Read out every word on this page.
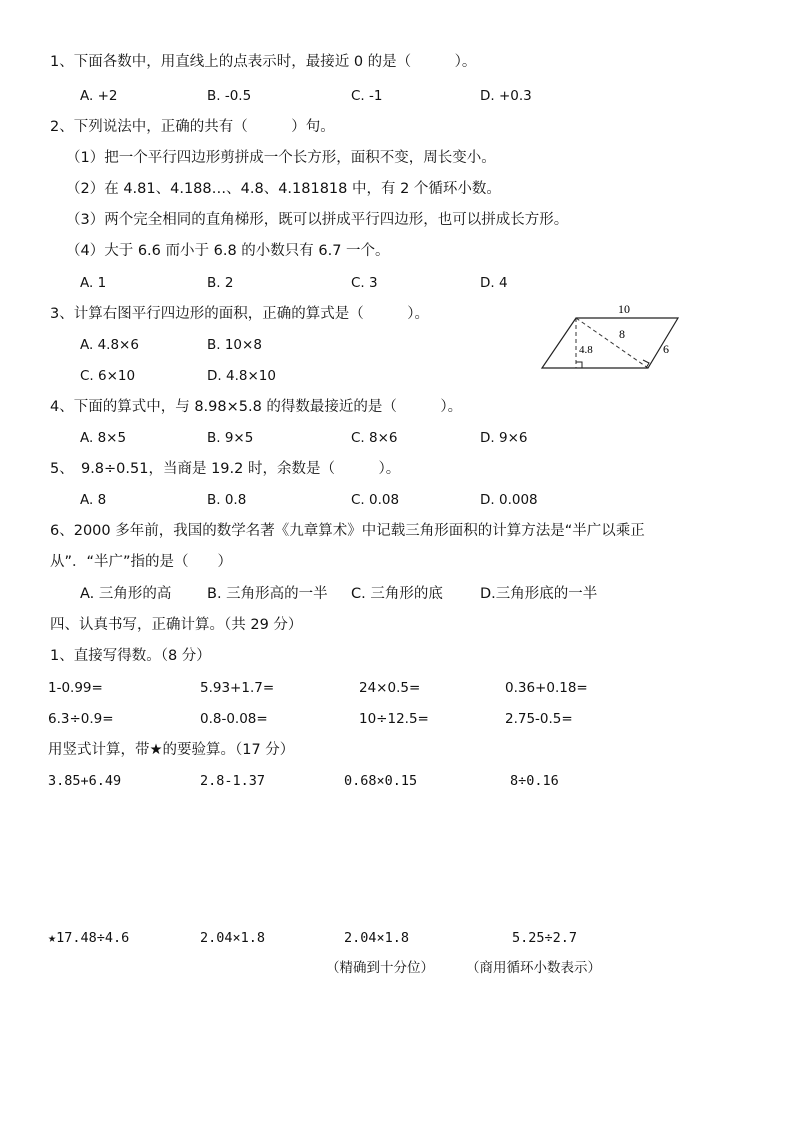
1、下面各数中，用直线上的点表示时，最接近 0 的是（　　　）。
A. +2	B. -0.5	C. -1	D. +0.3
2、下列说法中，正确的共有（　　　）句。
（1）把一个平行四边形剪拼成一个长方形，面积不变，周长变小。
（2）在 4.81、4.188…、4.8、4.181818 中，有 2 个循环小数。
（3）两个完全相同的直角梯形，既可以拼成平行四边形，也可以拼成长方形。
（4）大于 6.6 而小于 6.8 的小数只有 6.7 一个。
A. 1	B. 2	C. 3	D. 4
3、计算右图平行四边形的面积，正确的算式是（　　　）。
A. 4.8×6	B. 10×8
C. 6×10	D. 4.8×10
10
8
6
4.8
4、下面的算式中，与 8.98×5.8 的得数最接近的是（　　　）。
A. 8×5	B. 9×5	C. 8×6	D. 9×6
5、　9.8÷0.51，当商是 19.2 时，余数是（　　　）。
A. 8	B. 0.8	C. 0.08	D. 0.008
6、2000 多年前，我国的数学名著《九章算术》中记载三角形面积的计算方法是“半广以乘正
从”．“半广”指的是（　　）
A. 三角形的高 B. 三角形高的一半 C. 三角形的底	D.三角形底的一半
四、认真书写，正确计算。（共 29 分）
1、直接写得数。（8 分）
1-0.99=	5.93+1.7=	24×0.5=	0.36+0.18=
6.3÷0.9=	0.8-0.08=	10÷12.5=	2.75-0.5=
用竖式计算，带★的要验算。（17 分）
3.85+6.49	2.8-1.37	0.68×0.15	8÷0.16
★17.48÷4.6	2.04×1.8	2.04×1.8	5.25÷2.7
（精确到十分位） （商用循环小数表示）
